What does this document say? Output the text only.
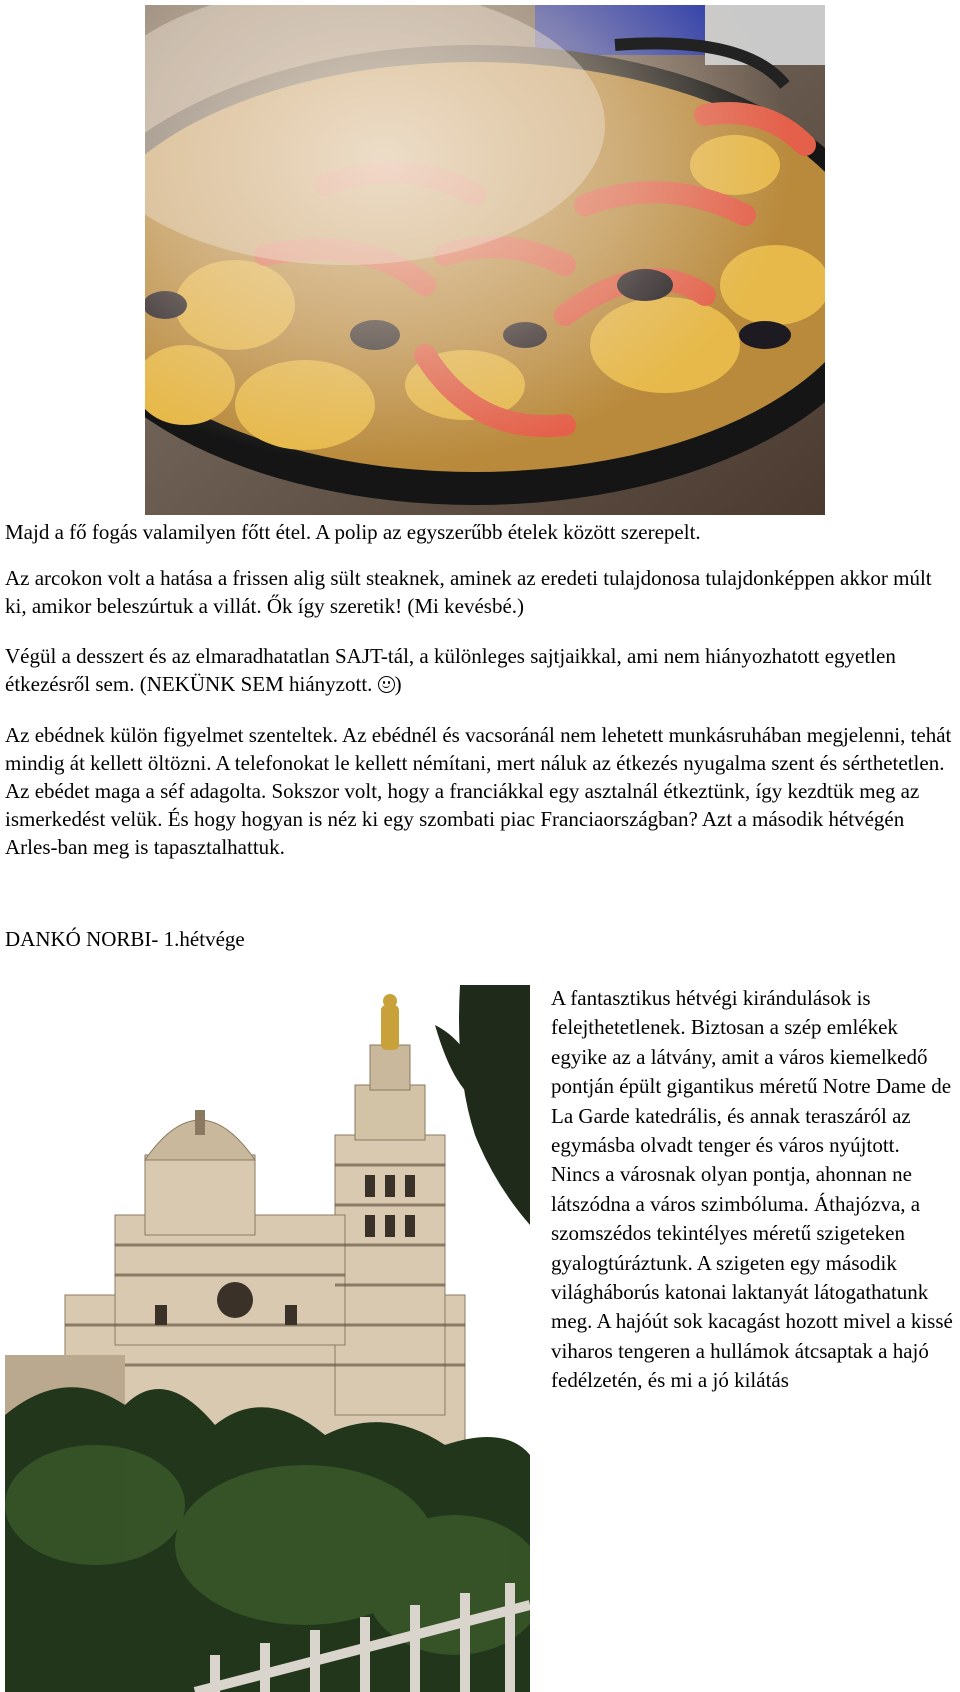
Majd a fő fogás valamilyen főtt étel. A polip az egyszerűbb ételek között szerepelt.

Az arcokon volt a hatása a frissen alig sült steaknek, aminek az eredeti tulajdonosa tulajdonképpen akkor múlt ki, amikor beleszúrtuk a villát. Ők így szeretik! (Mi kevésbé.)

Végül a desszert és az elmaradhatatlan SAJT-tál, a különleges sajtjaikkal, ami nem hiányozhatott egyetlen étkezésről sem. (NEKÜNK SEM hiányzott.
)

Az ebédnek külön figyelmet szenteltek. Az ebédnél és vacsoránál nem lehetett munkásruhában megjelenni, tehát mindig át kellett öltözni. A telefonokat le kellett némítani, mert náluk az étkezés nyugalma szent és sérthetetlen. Az ebédet maga a séf adagolta. Sokszor volt, hogy a franciákkal egy asztalnál étkeztünk, így kezdtük meg az ismerkedést velük. És hogy hogyan is néz ki egy szombati piac Franciaországban? Azt a második hétvégén Arles-ban meg is tapasztalhattuk.

DANKÓ NORBI- 1.hétvége

A fantasztikus hétvégi kirándulások is felejthetetlenek. Biztosan a szép emlékek egyike az a látvány, amit a város kiemelkedő pontján épült gigantikus méretű Notre Dame de La Garde katedrális, és annak teraszáról az egymásba olvadt tenger és város nyújtott.
Nincs a városnak olyan pontja, ahonnan ne látszódna a város szimbóluma. Áthajózva, a szomszédos tekintélyes méretű szigeteken gyalogtúráztunk. A szigeten egy második világháborús katonai laktanyát látogathatunk meg. A hajóút sok kacagást hozott mivel a kissé viharos tengeren a hullámok átcsaptak a hajó fedélzetén, és mi a jó kilátás
